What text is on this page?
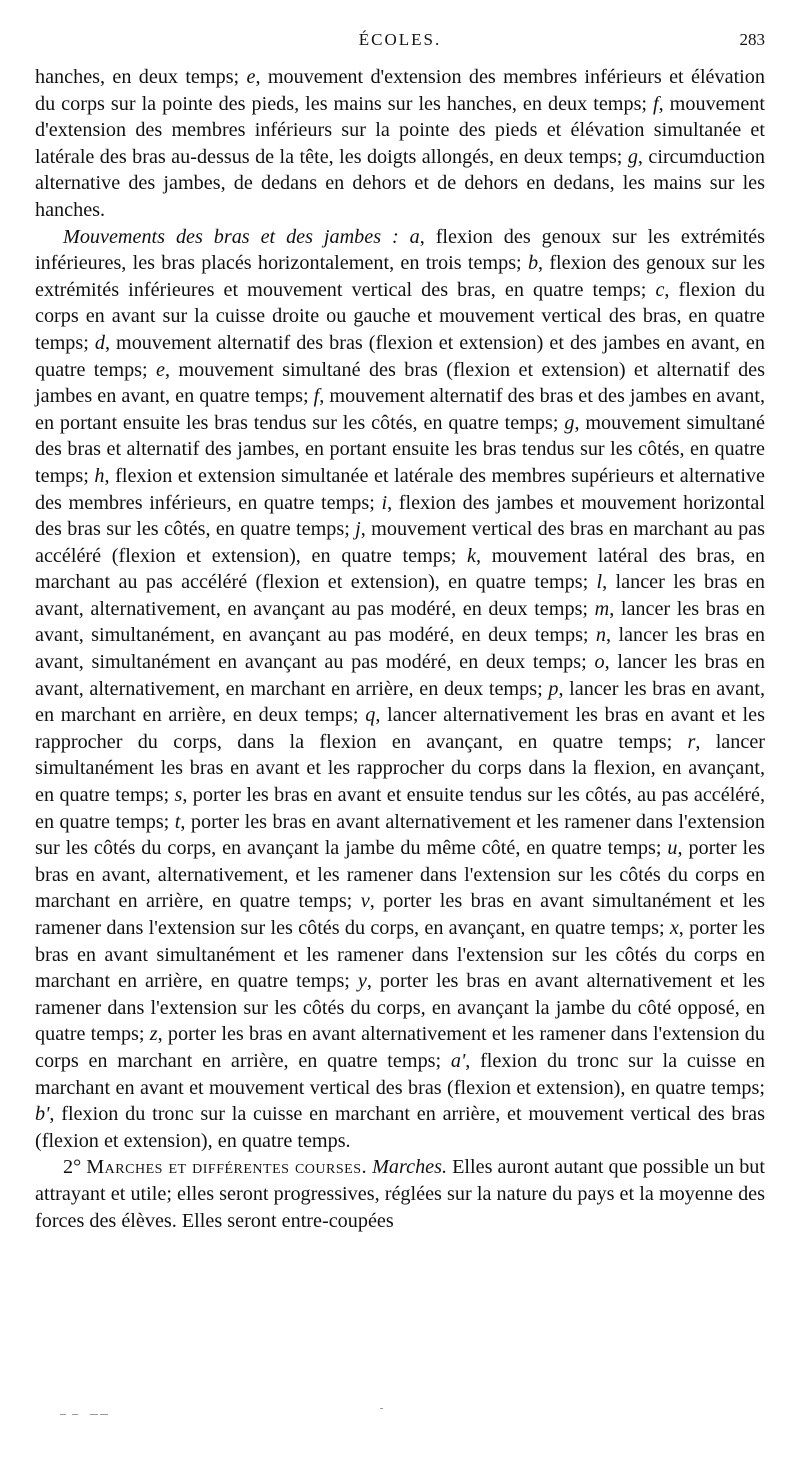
ÉCOLES.	283

hanches, en deux temps; e, mouvement d'extension des membres inférieurs et élévation du corps sur la pointe des pieds, les mains sur les hanches, en deux temps; f, mouvement d'extension des membres inférieurs sur la pointe des pieds et élévation simultanée et latérale des bras au-dessus de la tête, les doigts allongés, en deux temps; g, circumduction alternative des jambes, de dedans en dehors et de dehors en dedans, les mains sur les hanches.

Mouvements des bras et des jambes : a, flexion des genoux sur les extrémités inférieures, les bras placés horizontalement, en trois temps; b, flexion des genoux sur les extrémités inférieures et mouvement vertical des bras, en quatre temps; c, flexion du corps en avant sur la cuisse droite ou gauche et mouvement vertical des bras, en quatre temps; d, mouvement alternatif des bras (flexion et extension) et des jambes en avant, en quatre temps; e, mouvement simultané des bras (flexion et extension) et alternatif des jambes en avant, en quatre temps; f, mouvement alternatif des bras et des jambes en avant, en portant ensuite les bras tendus sur les côtés, en quatre temps; g, mouvement simultané des bras et alternatif des jambes, en portant ensuite les bras tendus sur les côtés, en quatre temps; h, flexion et extension simultanée et latérale des membres supérieurs et alternative des membres inférieurs, en quatre temps; i, flexion des jambes et mouvement horizontal des bras sur les côtés, en quatre temps; j, mouvement vertical des bras en marchant au pas accéléré (flexion et extension), en quatre temps; k, mouvement latéral des bras, en marchant au pas accéléré (flexion et extension), en quatre temps; l, lancer les bras en avant, alternativement, en avançant au pas modéré, en deux temps; m, lancer les bras en avant, simultanément, en avançant au pas modéré, en deux temps; n, lancer les bras en avant, simultanément en avançant au pas modéré, en deux temps; o, lancer les bras en avant, alternativement, en marchant en arrière, en deux temps; p, lancer les bras en avant, en marchant en arrière, en deux temps; q, lancer alternativement les bras en avant et les rapprocher du corps, dans la flexion en avançant, en quatre temps; r, lancer simultanément les bras en avant et les rapprocher du corps dans la flexion, en avançant, en quatre temps; s, porter les bras en avant et ensuite tendus sur les côtés, au pas accéléré, en quatre temps; t, porter les bras en avant alternativement et les ramener dans l'extension sur les côtés du corps, en avançant la jambe du même côté, en quatre temps; u, porter les bras en avant, alternativement, et les ramener dans l'extension sur les côtés du corps en marchant en arrière, en quatre temps; v, porter les bras en avant simultanément et les ramener dans l'extension sur les côtés du corps, en avançant, en quatre temps; x, porter les bras en avant simultanément et les ramener dans l'extension sur les côtés du corps en marchant en arrière, en quatre temps; y, porter les bras en avant alternativement et les ramener dans l'extension sur les côtés du corps, en avançant la jambe du côté opposé, en quatre temps; z, porter les bras en avant alternativement et les ramener dans l'extension du corps en marchant en arrière, en quatre temps; a', flexion du tronc sur la cuisse en marchant en avant et mouvement vertical des bras (flexion et extension), en quatre temps; b', flexion du tronc sur la cuisse en marchant en arrière, et mouvement vertical des bras (flexion et extension), en quatre temps.

2° Marches et différentes courses. Marches. Elles auront autant que possible un but attrayant et utile; elles seront progressives, réglées sur la nature du pays et la moyenne des forces des élèves. Elles seront entre-coupées
